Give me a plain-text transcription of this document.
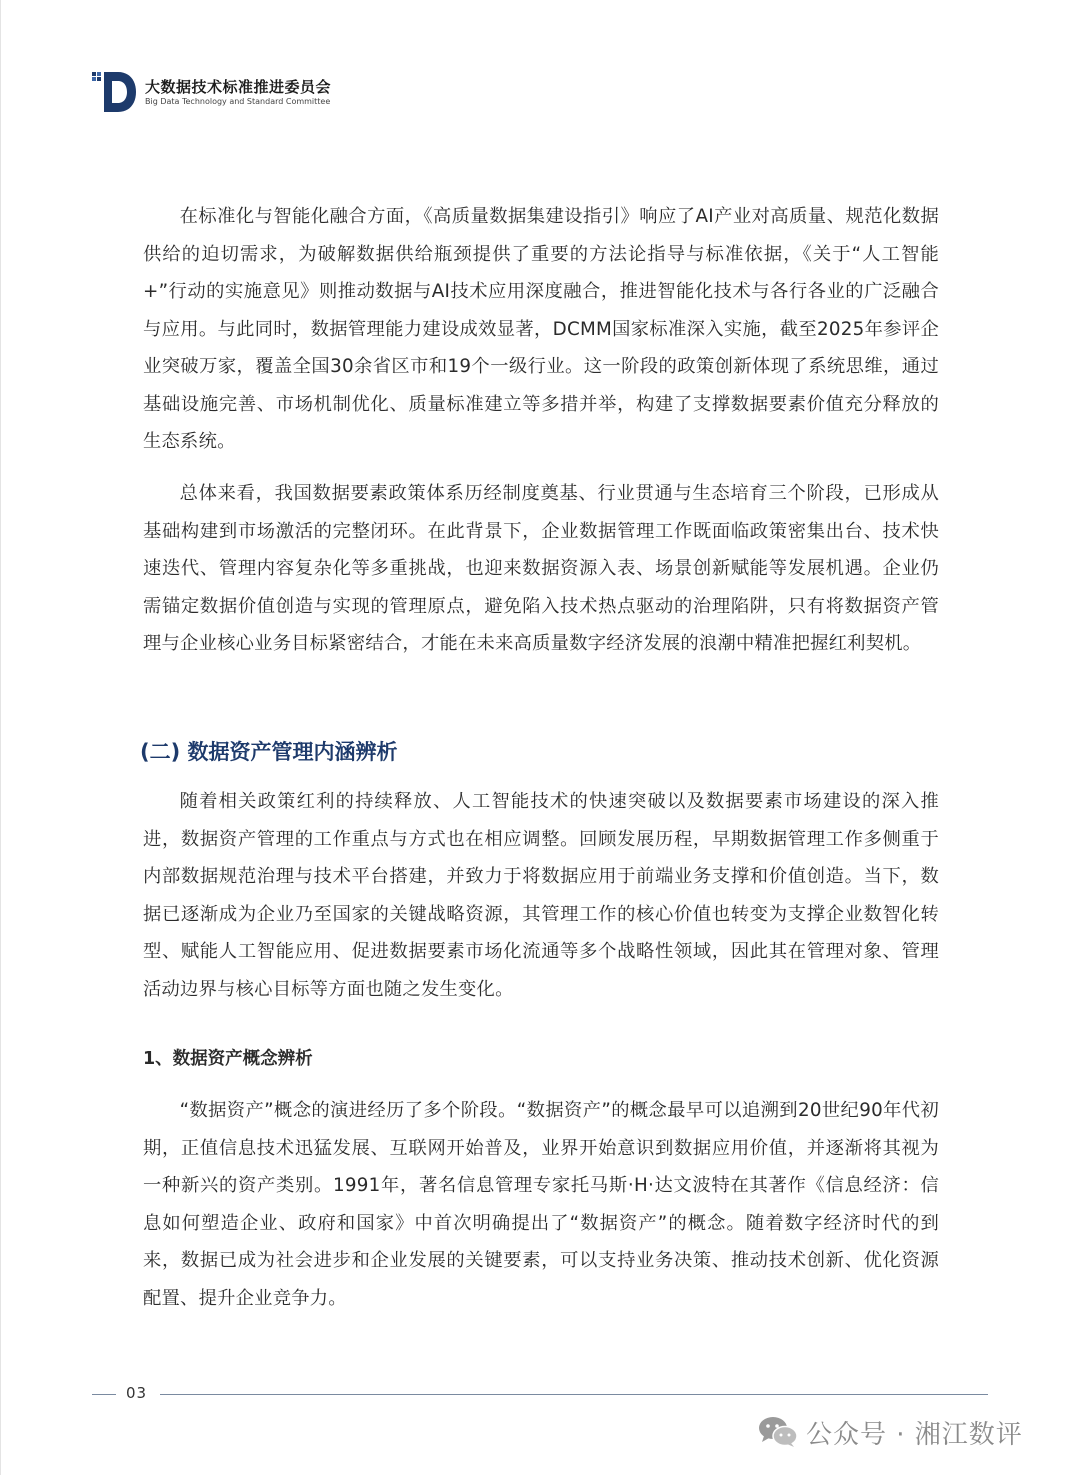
大数据技术标准推进委员会
Big Data Technology and Standard Committee

在标准化与智能化融合方面，《高质量数据集建设指引》响应了AI产业对高质量、规范化数据供给的迫切需求，为破解数据供给瓶颈提供了重要的方法论指导与标准依据，《关于“人工智能+”行动的实施意见》则推动数据与AI技术应用深度融合，推进智能化技术与各行各业的广泛融合与应用。与此同时，数据管理能力建设成效显著，DCMM国家标准深入实施，截至2025年参评企业突破万家，覆盖全国30余省区市和19个一级行业。这一阶段的政策创新体现了系统思维，通过基础设施完善、市场机制优化、质量标准建立等多措并举，构建了支撑数据要素价值充分释放的生态系统。

总体来看，我国数据要素政策体系历经制度奠基、行业贯通与生态培育三个阶段，已形成从基础构建到市场激活的完整闭环。在此背景下，企业数据管理工作既面临政策密集出台、技术快速迭代、管理内容复杂化等多重挑战，也迎来数据资源入表、场景创新赋能等发展机遇。企业仍需锚定数据价值创造与实现的管理原点，避免陷入技术热点驱动的治理陷阱，只有将数据资产管理与企业核心业务目标紧密结合，才能在未来高质量数字经济发展的浪潮中精准把握红利契机。

(二) 数据资产管理内涵辨析

随着相关政策红利的持续释放、人工智能技术的快速突破以及数据要素市场建设的深入推进，数据资产管理的工作重点与方式也在相应调整。回顾发展历程，早期数据管理工作多侧重于内部数据规范治理与技术平台搭建，并致力于将数据应用于前端业务支撑和价值创造。当下，数据已逐渐成为企业乃至国家的关键战略资源，其管理工作的核心价值也转变为支撑企业数智化转型、赋能人工智能应用、促进数据要素市场化流通等多个战略性领域，因此其在管理对象、管理活动边界与核心目标等方面也随之发生变化。

1、数据资产概念辨析

“数据资产”概念的演进经历了多个阶段。“数据资产”的概念最早可以追溯到20世纪90年代初期，正值信息技术迅猛发展、互联网开始普及，业界开始意识到数据应用价值，并逐渐将其视为一种新兴的资产类别。1991年，著名信息管理专家托马斯·H·达文波特在其著作《信息经济：信息如何塑造企业、政府和国家》中首次明确提出了“数据资产”的概念。随着数字经济时代的到来，数据已成为社会进步和企业发展的关键要素，可以支持业务决策、推动技术创新、优化资源配置、提升企业竞争力。

03
公众号 · 湘江数评
